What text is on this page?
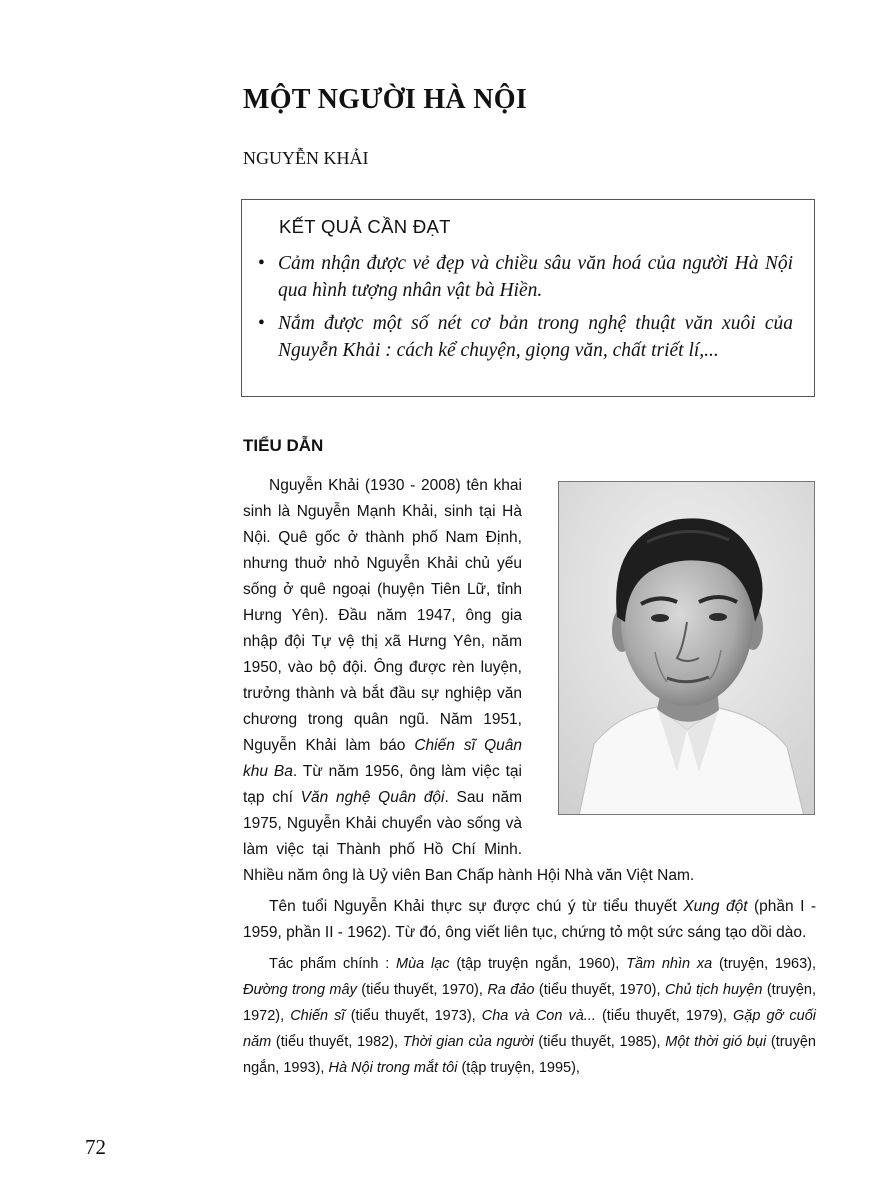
MỘT NGƯỜI HÀ NỘI
NGUYỄN KHẢI
KẾT QUẢ CẦN ĐẠT
• Cảm nhận được vẻ đẹp và chiều sâu văn hoá của người Hà Nội qua hình tượng nhân vật bà Hiền.
• Nắm được một số nét cơ bản trong nghệ thuật văn xuôi của Nguyễn Khải : cách kể chuyện, giọng văn, chất triết lí,...
TIỂU DẪN

Nguyễn Khải (1930 - 2008) tên khai sinh là Nguyễn Mạnh Khải, sinh tại Hà Nội. Quê gốc ở thành phố Nam Định, nhưng thuở nhỏ Nguyễn Khải chủ yếu sống ở quê ngoại (huyện Tiên Lữ, tỉnh Hưng Yên). Đầu năm 1947, ông gia nhập đội Tự vệ thị xã Hưng Yên, năm 1950, vào bộ đội. Ông được rèn luyện, trưởng thành và bắt đầu sự nghiệp văn chương trong quân ngũ. Năm 1951, Nguyễn Khải làm báo Chiến sĩ Quân khu Ba. Từ năm 1956, ông làm việc tại tạp chí Văn nghệ Quân đội. Sau năm 1975, Nguyễn Khải chuyển vào sống và làm việc tại Thành phố Hồ Chí Minh. Nhiều năm ông là Uỷ viên Ban Chấp hành Hội Nhà văn Việt Nam.

Tên tuổi Nguyễn Khải thực sự được chú ý từ tiểu thuyết Xung đột (phần I - 1959, phần II - 1962). Từ đó, ông viết liên tục, chứng tỏ một sức sáng tạo dồi dào.

Tác phẩm chính : Mùa lạc (tập truyện ngắn, 1960), Tầm nhìn xa (truyện, 1963), Đường trong mây (tiểu thuyết, 1970), Ra đảo (tiểu thuyết, 1970), Chủ tịch huyện (truyện, 1972), Chiến sĩ (tiểu thuyết, 1973), Cha và Con và... (tiểu thuyết, 1979), Gặp gỡ cuối năm (tiểu thuyết, 1982), Thời gian của người (tiểu thuyết, 1985), Một thời gió bụi (truyện ngắn, 1993), Hà Nội trong mắt tôi (tập truyện, 1995),

72
